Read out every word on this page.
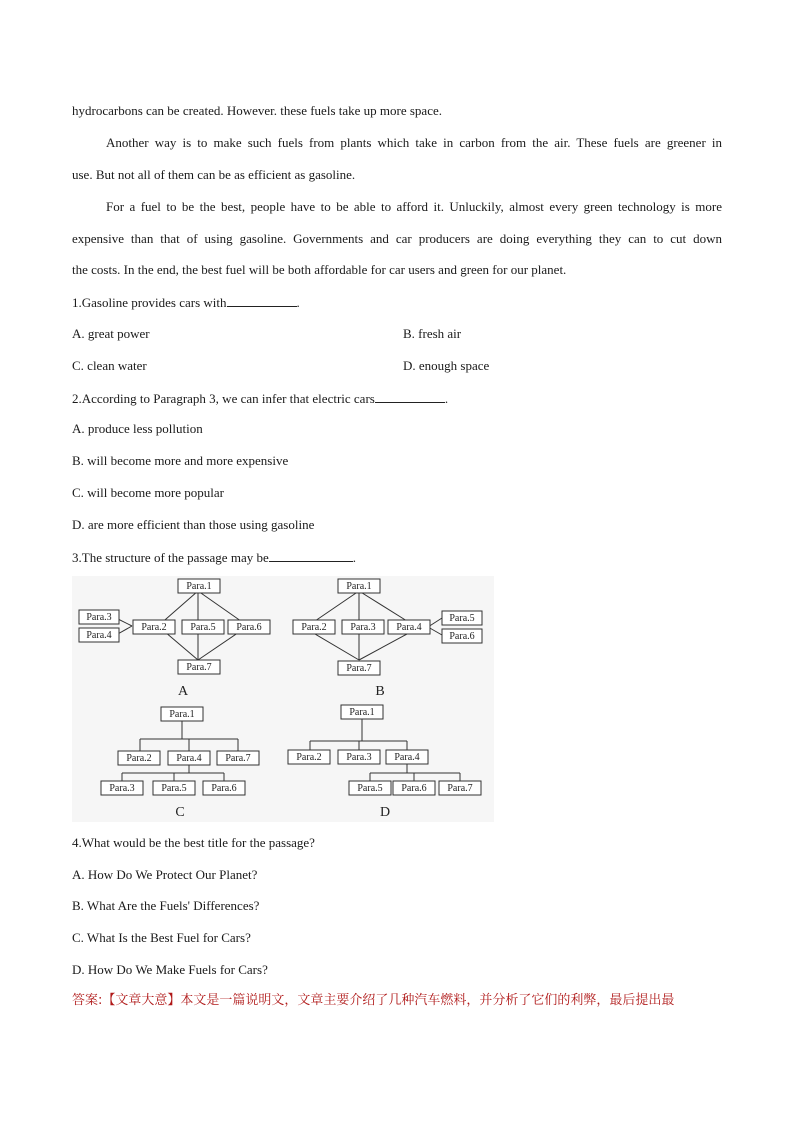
hydrocarbons can be created. However. these fuels take up more space.
Another way is to make such fuels from plants which take in carbon from the air. These fuels are greener in
use. But not all of them can be as efficient as gasoline.
For a fuel to be the best, people have to be able to afford it. Unluckily, almost every green technology is more
expensive than that of using gasoline. Governments and car producers are doing everything they can to cut down
the costs. In the end, the best fuel will be both affordable for car users and green for our planet.
1.Gasoline provides cars with	.
A. great power	B. fresh air
C. clean water	D. enough space
2.According to Paragraph 3, we can infer that electric cars	.
A. produce less pollution
B. will become more and more expensive
C. will become more popular
D. are more efficient than those using gasoline
3.The structure of the passage may be	.
Para.1
Para.3
Para.4
Para.2 Para.5 Para.6
Para.7
A
Para.1
Para.2 Para.3 Para.4
Para.5
Para.6
Para.7
B
Para.1
Para.2 Para.4 Para.7
Para.3	Para.5 Para.6
C
Para.1
Para.2 Para.3 Para.4
Para.5 Para.6 Para.7
D
4.What would be the best title for the passage?
A. How Do We Protect Our Planet?
B. What Are the Fuels' Differences?
C. What Is the Best Fuel for Cars?
D. How Do We Make Fuels for Cars?
答案:【文章大意】本文是一篇说明文，文章主要介绍了几种汽车燃料，并分析了它们的利弊，最后提出最
